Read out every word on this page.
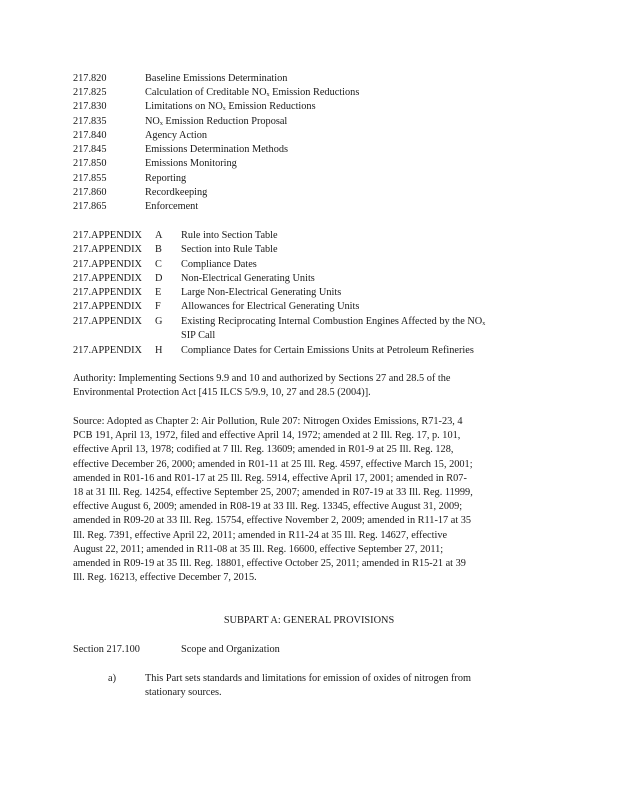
217.820	Baseline Emissions Determination
217.825	Calculation of Creditable NOₓ Emission Reductions
217.830	Limitations on NOₓ Emission Reductions
217.835	NOₓ Emission Reduction Proposal
217.840	Agency Action
217.845	Emissions Determination Methods
217.850	Emissions Monitoring
217.855	Reporting
217.860	Recordkeeping
217.865	Enforcement
217.APPENDIX A Rule into Section Table
217.APPENDIX B Section into Rule Table
217.APPENDIX C Compliance Dates
217.APPENDIX D Non-Electrical Generating Units
217.APPENDIX E Large Non-Electrical Generating Units
217.APPENDIX F Allowances for Electrical Generating Units
217.APPENDIX G Existing Reciprocating Internal Combustion Engines Affected by the NOₓ
SIP Call
217.APPENDIX H Compliance Dates for Certain Emissions Units at Petroleum Refineries
Authority: Implementing Sections 9.9 and 10 and authorized by Sections 27 and 28.5 of the
Environmental Protection Act [415 ILCS 5/9.9, 10, 27 and 28.5 (2004)].
Source: Adopted as Chapter 2: Air Pollution, Rule 207: Nitrogen Oxides Emissions, R71-23, 4
PCB 191, April 13, 1972, filed and effective April 14, 1972; amended at 2 Ill. Reg. 17, p. 101,
effective April 13, 1978; codified at 7 Ill. Reg. 13609; amended in R01-9 at 25 Ill. Reg. 128,
effective December 26, 2000; amended in R01-11 at 25 Ill. Reg. 4597, effective March 15, 2001;
amended in R01-16 and R01-17 at 25 Ill. Reg. 5914, effective April 17, 2001; amended in R07-
18 at 31 Ill. Reg. 14254, effective September 25, 2007; amended in R07-19 at 33 Ill. Reg. 11999,
effective August 6, 2009; amended in R08-19 at 33 Ill. Reg. 13345, effective August 31, 2009;
amended in R09-20 at 33 Ill. Reg. 15754, effective November 2, 2009; amended in R11-17 at 35
Ill. Reg. 7391, effective April 22, 2011; amended in R11-24 at 35 Ill. Reg. 14627, effective
August 22, 2011; amended in R11-08 at 35 Ill. Reg. 16600, effective September 27, 2011;
amended in R09-19 at 35 Ill. Reg. 18801, effective October 25, 2011; amended in R15-21 at 39
Ill. Reg. 16213, effective December 7, 2015.
SUBPART A: GENERAL PROVISIONS
Section 217.100	Scope and Organization
a)	This Part sets standards and limitations for emission of oxides of nitrogen from
stationary sources.
